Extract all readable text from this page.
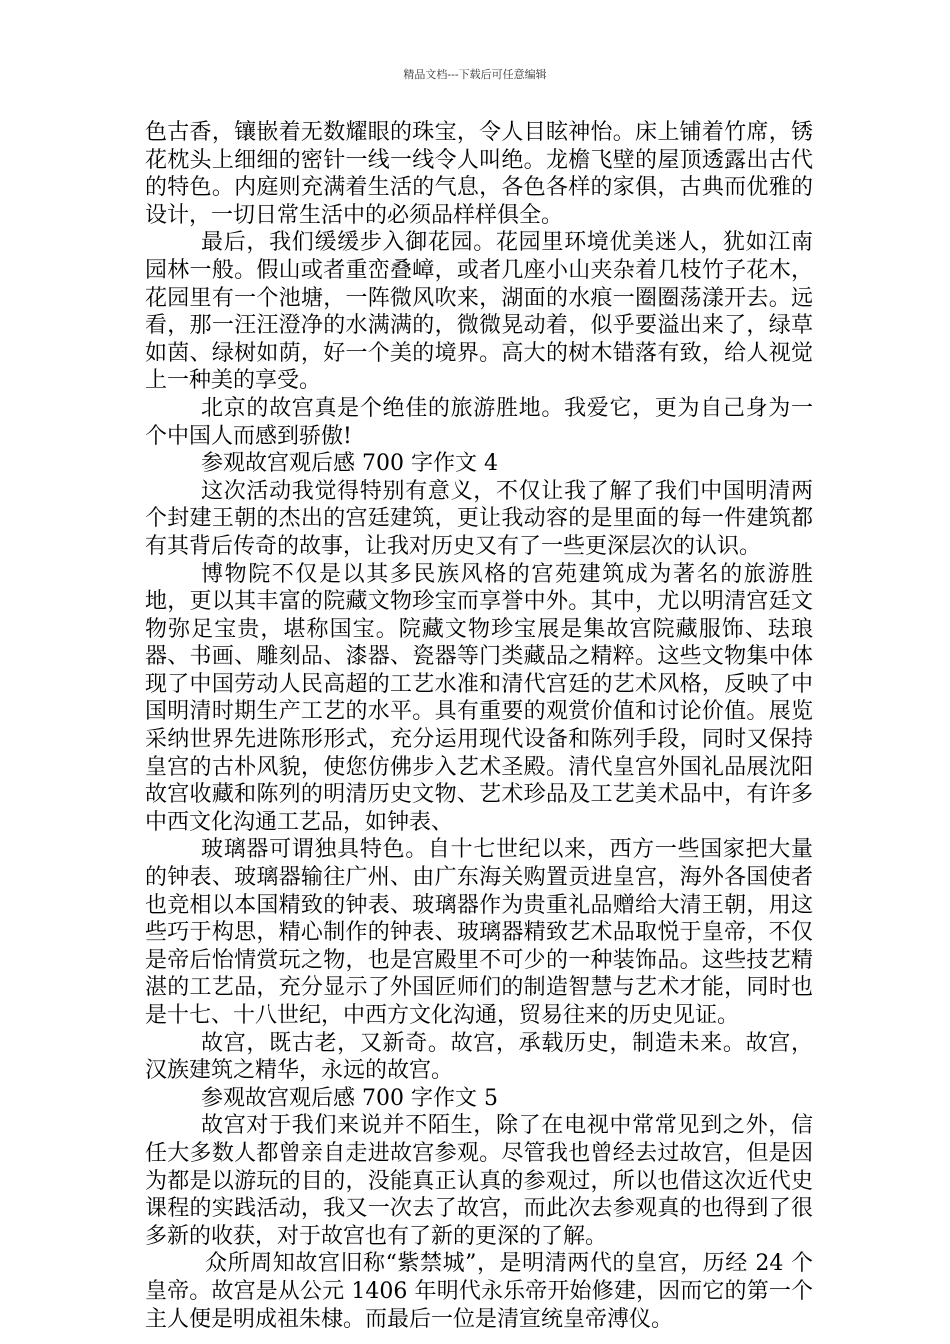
精品文档---下载后可任意编辑

色古香，镶嵌着无数耀眼的珠宝，令人目眩神怡。床上铺着竹席，锈花枕头上细细的密针一线一线令人叫绝。龙檐飞壁的屋顶透露出古代的特色。内庭则充满着生活的气息，各色各样的家俱，古典而优雅的设计，一切日常生活中的必须品样样俱全。

最后，我们缓缓步入御花园。花园里环境优美迷人，犹如江南园林一般。假山或者重峦叠嶂，或者几座小山夹杂着几枝竹子花木，花园里有一个池塘，一阵微风吹来，湖面的水痕一圈圈荡漾开去。远看，那一汪汪澄净的水满满的，微微晃动着，似乎要溢出来了，绿草如茵、绿树如荫，好一个美的境界。高大的树木错落有致，给人视觉上一种美的享受。

北京的故宫真是个绝佳的旅游胜地。我爱它，更为自己身为一个中国人而感到骄傲!

参观故宫观后感 700 字作文 4

这次活动我觉得特别有意义，不仅让我了解了我们中国明清两个封建王朝的杰出的宫廷建筑，更让我动容的是里面的每一件建筑都有其背后传奇的故事，让我对历史又有了一些更深层次的认识。

博物院不仅是以其多民族风格的宫苑建筑成为著名的旅游胜地，更以其丰富的院藏文物珍宝而享誉中外。其中，尤以明清宫廷文物弥足宝贵，堪称国宝。院藏文物珍宝展是集故宫院藏服饰、珐琅器、书画、雕刻品、漆器、瓷器等门类藏品之精粹。这些文物集中体现了中国劳动人民高超的工艺水准和清代宫廷的艺术风格，反映了中国明清时期生产工艺的水平。具有重要的观赏价值和讨论价值。展览采纳世界先进陈形形式，充分运用现代设备和陈列手段，同时又保持皇宫的古朴风貌，使您仿佛步入艺术圣殿。清代皇宫外国礼品展沈阳故宫收藏和陈列的明清历史文物、艺术珍品及工艺美术品中，有许多中西文化沟通工艺品，如钟表、

玻璃器可谓独具特色。自十七世纪以来，西方一些国家把大量的钟表、玻璃器输往广州、由广东海关购置贡进皇宫，海外各国使者也竞相以本国精致的钟表、玻璃器作为贵重礼品赠给大清王朝，用这些巧于构思，精心制作的钟表、玻璃器精致艺术品取悦于皇帝，不仅是帝后怡情赏玩之物，也是宫殿里不可少的一种装饰品。这些技艺精湛的工艺品，充分显示了外国匠师们的制造智慧与艺术才能，同时也是十七、十八世纪，中西方文化沟通，贸易往来的历史见证。

故宫，既古老，又新奇。故宫，承载历史，制造未来。故宫，汉族建筑之精华，永远的故宫。

参观故宫观后感 700 字作文 5

故宫对于我们来说并不陌生，除了在电视中常常见到之外，信任大多数人都曾亲自走进故宫参观。尽管我也曾经去过故宫，但是因为都是以游玩的目的，没能真正认真的参观过，所以也借这次近代史课程的实践活动，我又一次去了故宫，而此次去参观真的也得到了很多新的收获，对于故宫也有了新的更深的了解。

众所周知故宫旧称“紫禁城”，是明清两代的皇宫，历经 24 个皇帝。故宫是从公元 1406 年明代永乐帝开始修建，因而它的第一个主人便是明成祖朱棣。而最后一位是清宣统皇帝溥仪。
